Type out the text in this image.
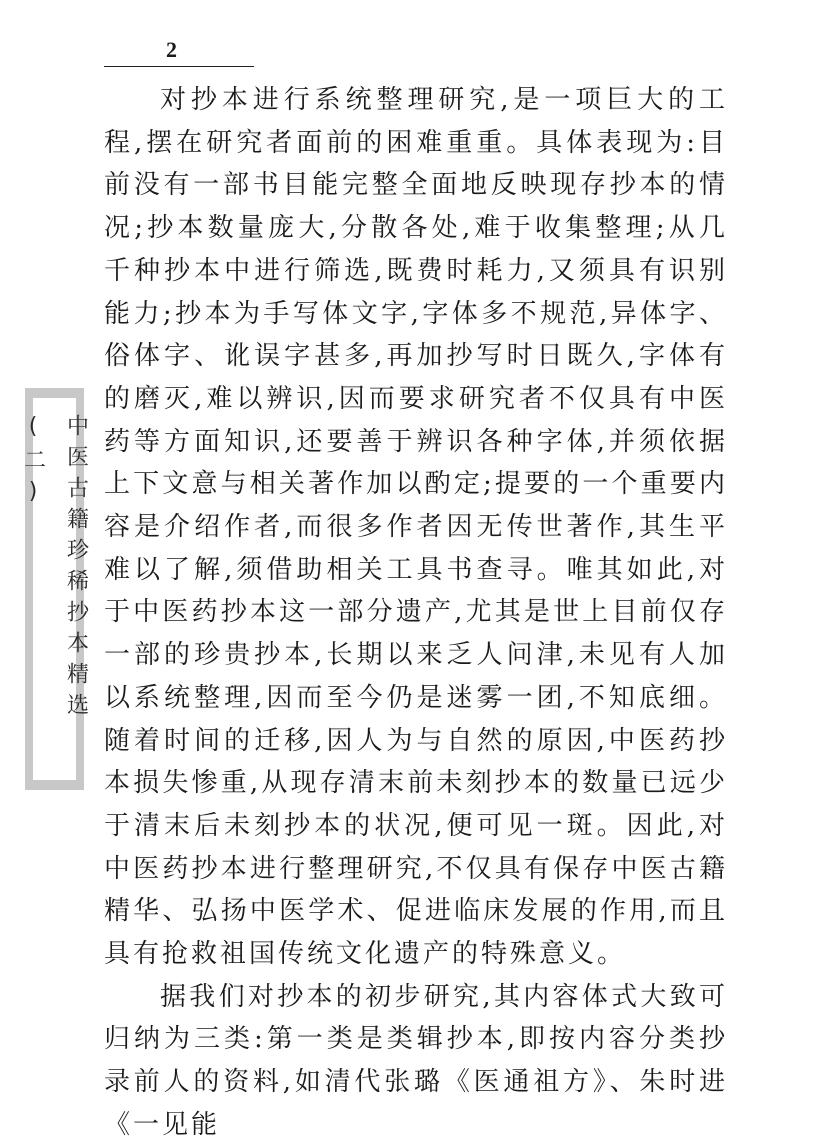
2
中医古籍珍稀抄本精选(二)

对抄本进行系统整理研究,是一项巨大的工程,摆在研究者面前的困难重重。具体表现为:目前没有一部书目能完整全面地反映现存抄本的情况;抄本数量庞大,分散各处,难于收集整理;从几千种抄本中进行筛选,既费时耗力,又须具有识别能力;抄本为手写体文字,字体多不规范,异体字、俗体字、讹误字甚多,再加抄写时日既久,字体有的磨灭,难以辨识,因而要求研究者不仅具有中医药等方面知识,还要善于辨识各种字体,并须依据上下文意与相关著作加以酌定;提要的一个重要内容是介绍作者,而很多作者因无传世著作,其生平难以了解,须借助相关工具书查寻。唯其如此,对于中医药抄本这一部分遗产,尤其是世上目前仅存一部的珍贵抄本,长期以来乏人问津,未见有人加以系统整理,因而至今仍是迷雾一团,不知底细。随着时间的迁移,因人为与自然的原因,中医药抄本损失惨重,从现存清末前未刻抄本的数量已远少于清末后未刻抄本的状况,便可见一斑。因此,对中医药抄本进行整理研究,不仅具有保存中医古籍精华、弘扬中医学术、促进临床发展的作用,而且具有抢救祖国传统文化遗产的特殊意义。

据我们对抄本的初步研究,其内容体式大致可归纳为三类:第一类是类辑抄本,即按内容分类抄录前人的资料,如清代张璐《医通祖方》、朱时进《一见能
